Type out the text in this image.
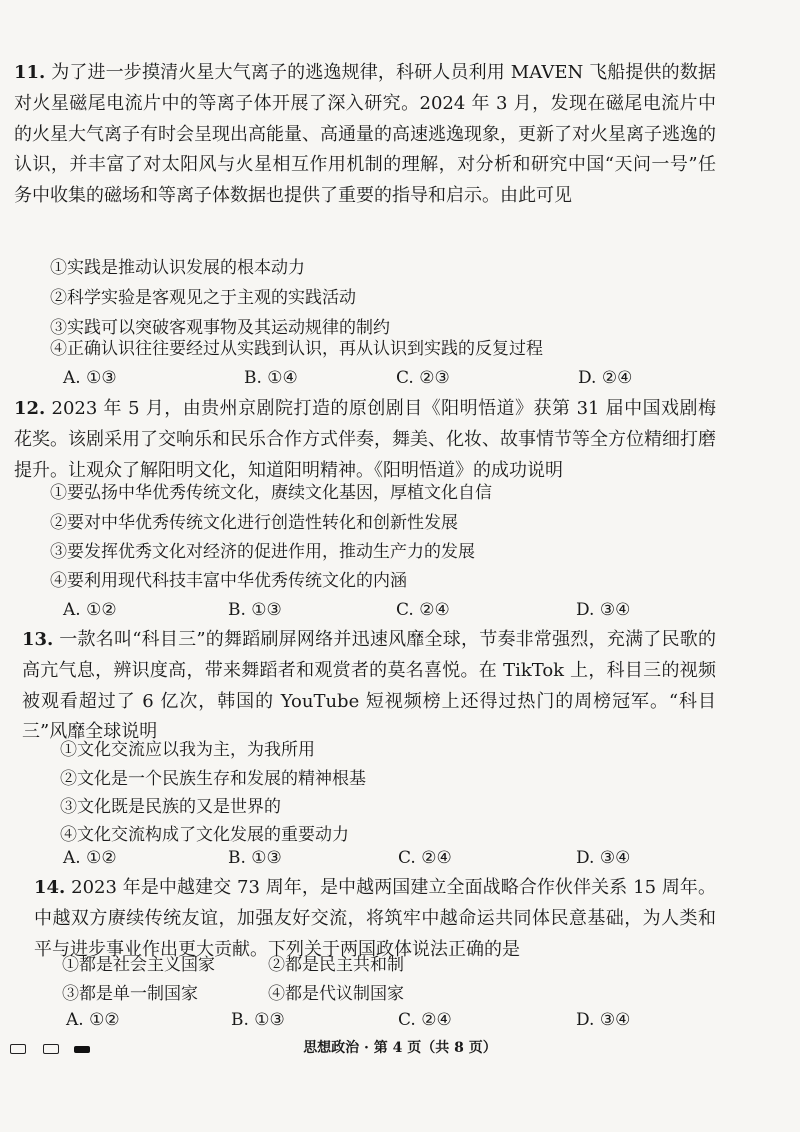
11. 为了进一步摸清火星大气离子的逃逸规律，科研人员利用 MAVEN 飞船提供的数据对火星磁尾电流片中的等离子体开展了深入研究。2024 年 3 月，发现在磁尾电流片中的火星大气离子有时会呈现出高能量、高通量的高速逃逸现象，更新了对火星离子逃逸的认识，并丰富了对太阳风与火星相互作用机制的理解，对分析和研究中国“天问一号”任务中收集的磁场和等离子体数据也提供了重要的指导和启示。由此可见
①实践是推动认识发展的根本动力
②科学实验是客观见之于主观的实践活动
③实践可以突破客观事物及其运动规律的制约
④正确认识往往要经过从实践到认识，再从认识到实践的反复过程
A. ①③	B. ①④	C. ②③	D. ②④
12. 2023 年 5 月，由贵州京剧院打造的原创剧目《阳明悟道》获第 31 届中国戏剧梅花奖。该剧采用了交响乐和民乐合作方式伴奏，舞美、化妆、故事情节等全方位精细打磨提升。让观众了解阳明文化，知道阳明精神。《阳明悟道》的成功说明
①要弘扬中华优秀传统文化，赓续文化基因，厚植文化自信
②要对中华优秀传统文化进行创造性转化和创新性发展
③要发挥优秀文化对经济的促进作用，推动生产力的发展
④要利用现代科技丰富中华优秀传统文化的内涵
A. ①②	B. ①③	C. ②④	D. ③④
13. 一款名叫“科目三”的舞蹈刷屏网络并迅速风靡全球，节奏非常强烈，充满了民歌的高亢气息，辨识度高，带来舞蹈者和观赏者的莫名喜悦。在 TikTok 上，科目三的视频被观看超过了 6 亿次，韩国的 YouTube 短视频榜上还得过热门的周榜冠军。“科目三”风靡全球说明
①文化交流应以我为主，为我所用
②文化是一个民族生存和发展的精神根基
③文化既是民族的又是世界的
④文化交流构成了文化发展的重要动力
A. ①②	B. ①③	C. ②④	D. ③④
14. 2023 年是中越建交 73 周年，是中越两国建立全面战略合作伙伴关系 15 周年。中越双方赓续传统友谊，加强友好交流，将筑牢中越命运共同体民意基础，为人类和平与进步事业作出更大贡献。下列关于两国政体说法正确的是
①都是社会主义国家	②都是民主共和制
③都是单一制国家	④都是代议制国家
A. ①②	B. ①③	C. ②④	D. ③④
思想政治 · 第 4 页（共 8 页）
